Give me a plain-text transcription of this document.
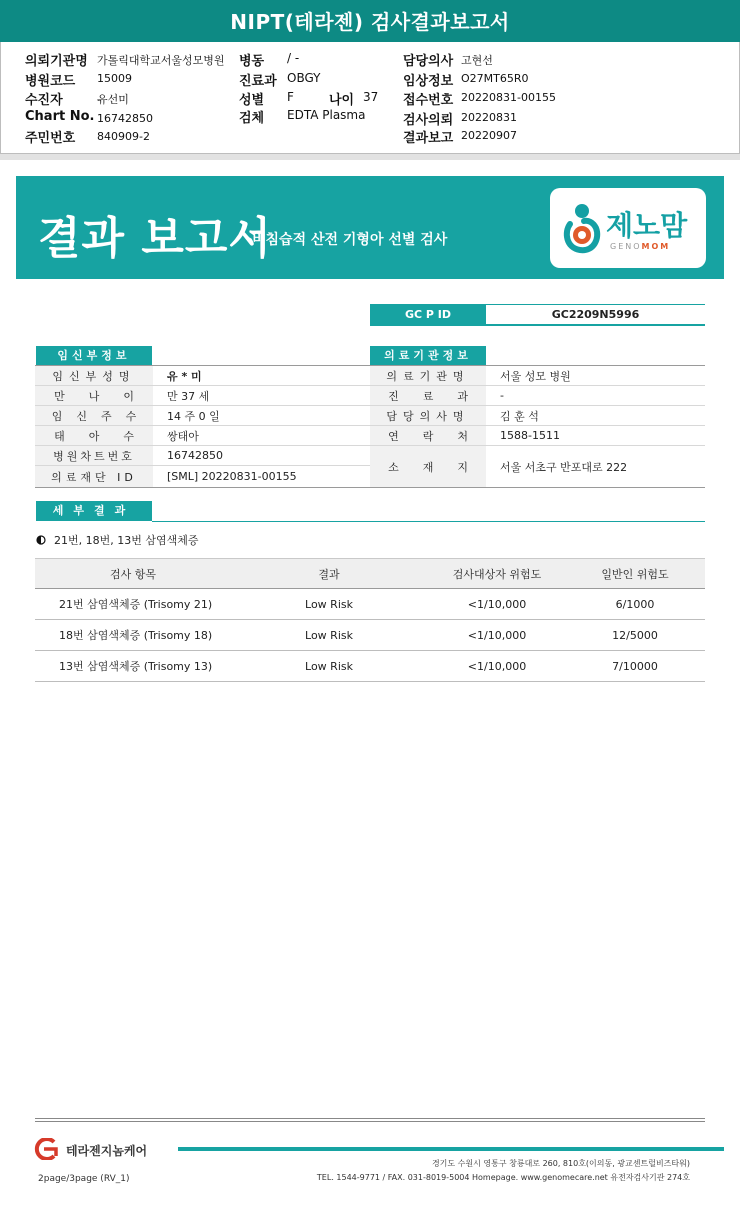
NIPT(테라젠) 검사결과보고서
의뢰기관명 가톨릭대학교서울성모병원
병원코드 15009
수진자	유선미
Chart No. 16742850
주민번호 840909-2
병동 / -
진료과 OBGY
성별 F	나이 37
검체 EDTA Plasma
담당의사 고현선
임상정보 O27MT65R0
접수번호 20220831-00155
검사의뢰 20220831
결과보고 20220907
결과 보고서
비침습적 산전 기형아 선별 검사	제노맘
GENOMOM
GC P ID	GC2209N5996
임신부정보	의료기관정보
임신부성명	유 * 미
만나이 만 37 세
임신주수	14 주 0 일
태아수 쌍태아
병원차트번호	16742850
의료재단 ID	[SML] 20220831-00155
의료기관명	서울 성모 병원
진료과 -
담당의사명	김 훈 석
연락처 1588-1511
소재지 서울 서초구 반포대로 222
세부결과
21번, 18번, 13번 삼염색체증
검사 항목	결과	검사대상자 위험도	일반인 위험도
21번 삼염색체증 (Trisomy 21)	Low Risk	<1/10,000	6/1000
18번 삼염색체증 (Trisomy 18)	Low Risk	<1/10,000	12/5000
13번 삼염색체증 (Trisomy 13)	Low Risk	<1/10,000	7/10000
테라젠지놈케어
2page/3page (RV_1)
경기도 수원시 영통구 창룡대로 260, 810호(이의동, 광교센트럴비즈타워)
TEL. 1544-9771 / FAX. 031-8019-5004 Homepage. www.genomecare.net 유전자검사기관 274호
